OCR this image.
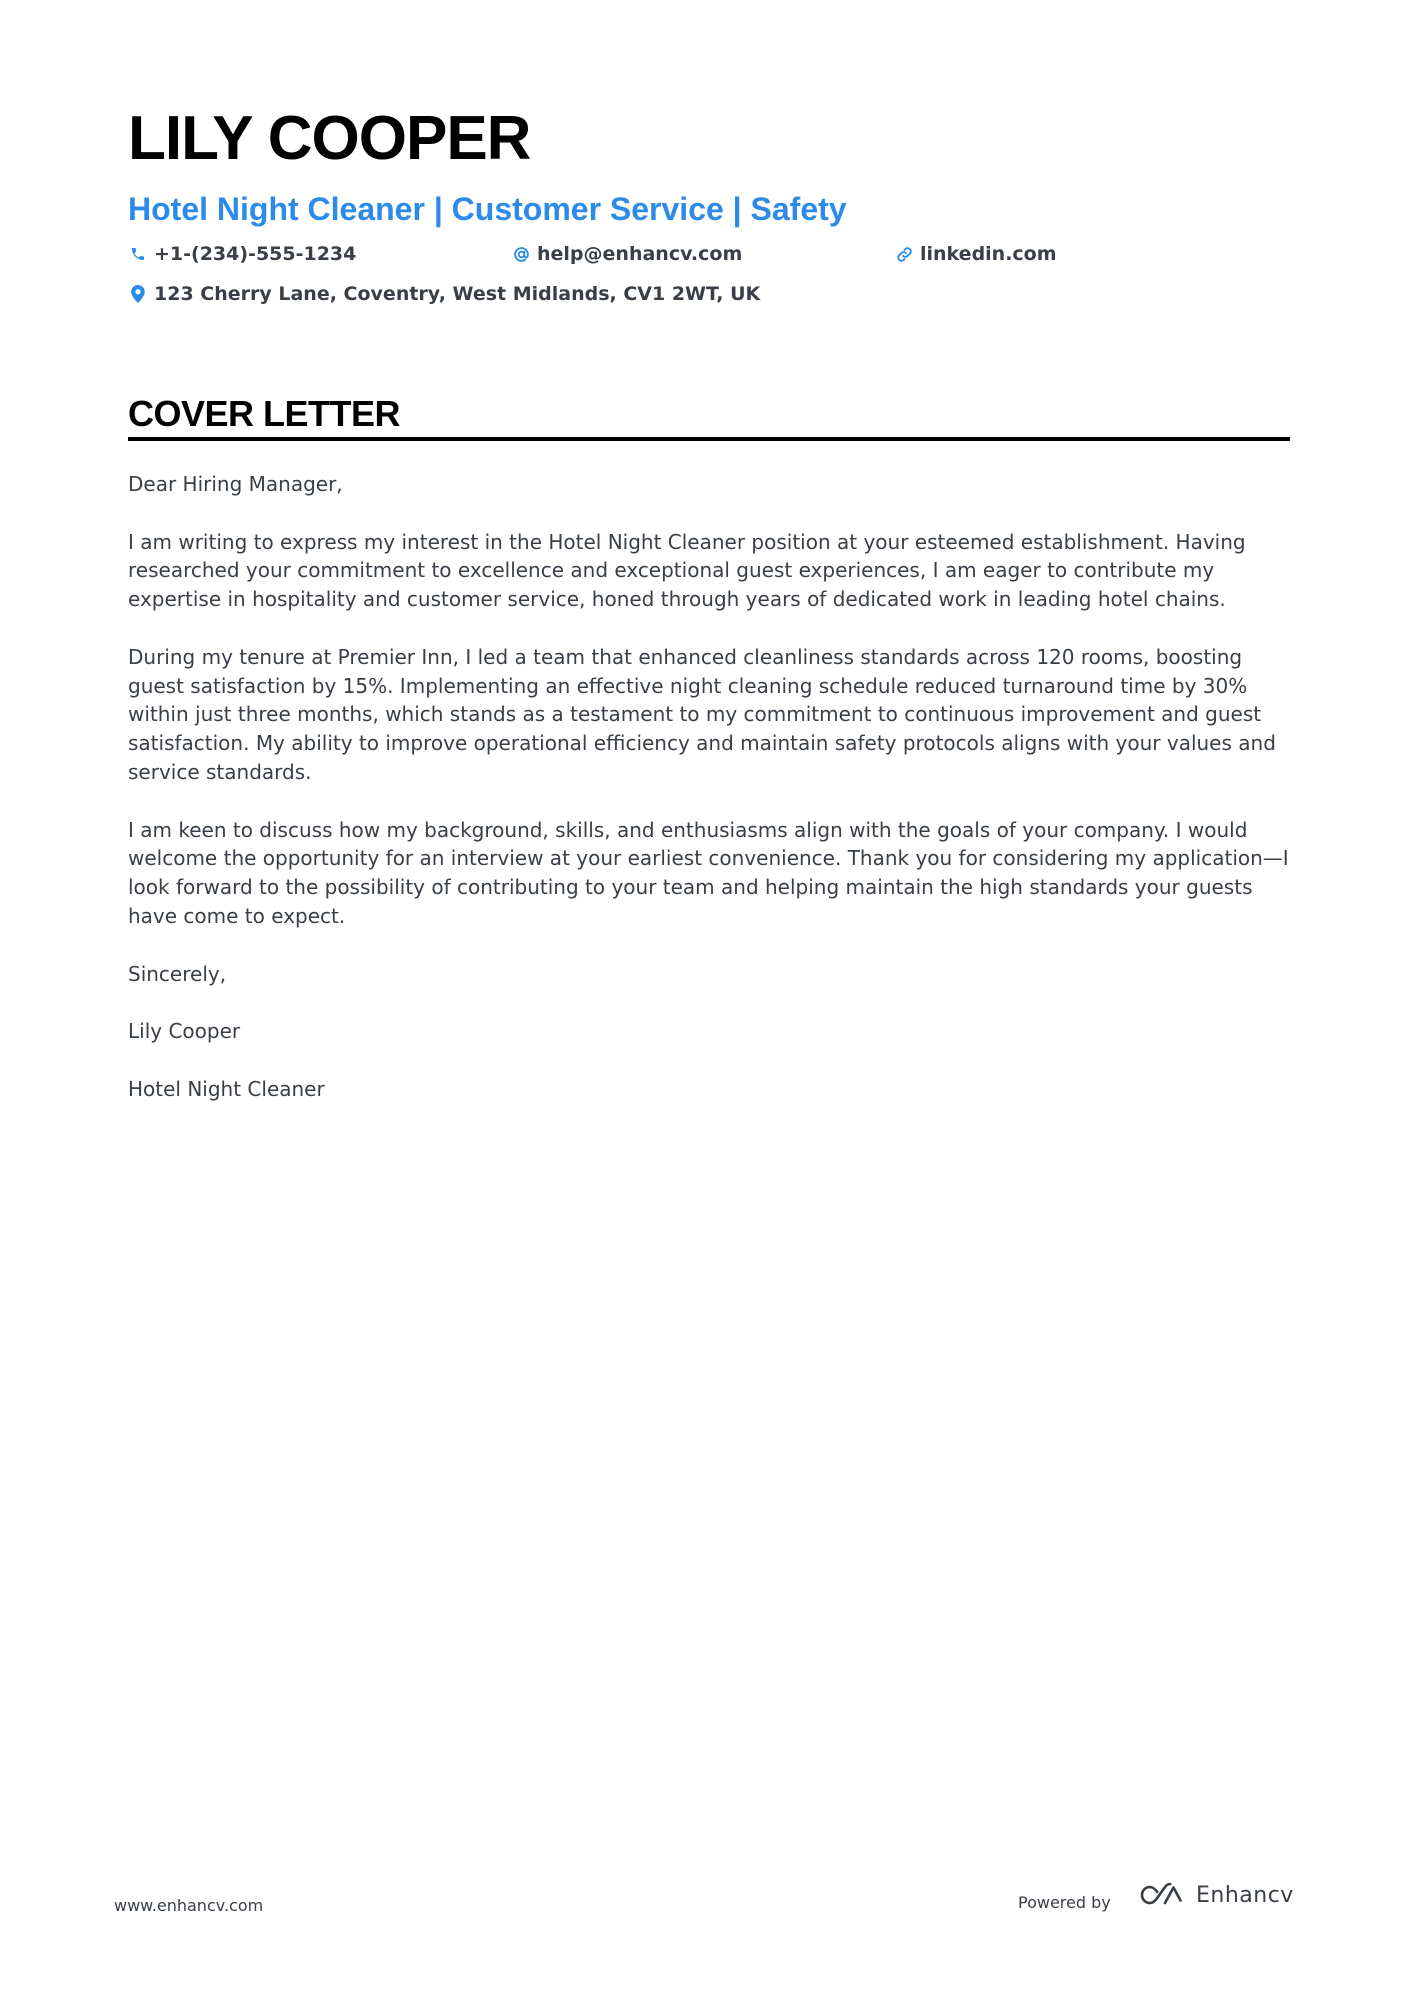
LILY COOPER
Hotel Night Cleaner | Customer Service | Safety
+1-(234)-555-1234	help@enhancv.com	linkedin.com
123 Cherry Lane, Coventry, West Midlands, CV1 2WT, UK
COVER LETTER

Dear Hiring Manager,

I am writing to express my interest in the Hotel Night Cleaner position at your esteemed establishment. Having researched your commitment to excellence and exceptional guest experiences, I am eager to contribute my expertise in hospitality and customer service, honed through years of dedicated work in leading hotel chains.

During my tenure at Premier Inn, I led a team that enhanced cleanliness standards across 120 rooms, boosting guest satisfaction by 15%. Implementing an effective night cleaning schedule reduced turnaround time by 30% within just three months, which stands as a testament to my commitment to continuous improvement and guest satisfaction. My ability to improve operational efficiency and maintain safety protocols aligns with your values and service standards.

I am keen to discuss how my background, skills, and enthusiasms align with the goals of your company. I would welcome the opportunity for an interview at your earliest convenience. Thank you for considering my application—I look forward to the possibility of contributing to your team and helping maintain the high standards your guests have come to expect.

Sincerely,

Lily Cooper

Hotel Night Cleaner

www.enhancv.com	Powered by	Enhancv
